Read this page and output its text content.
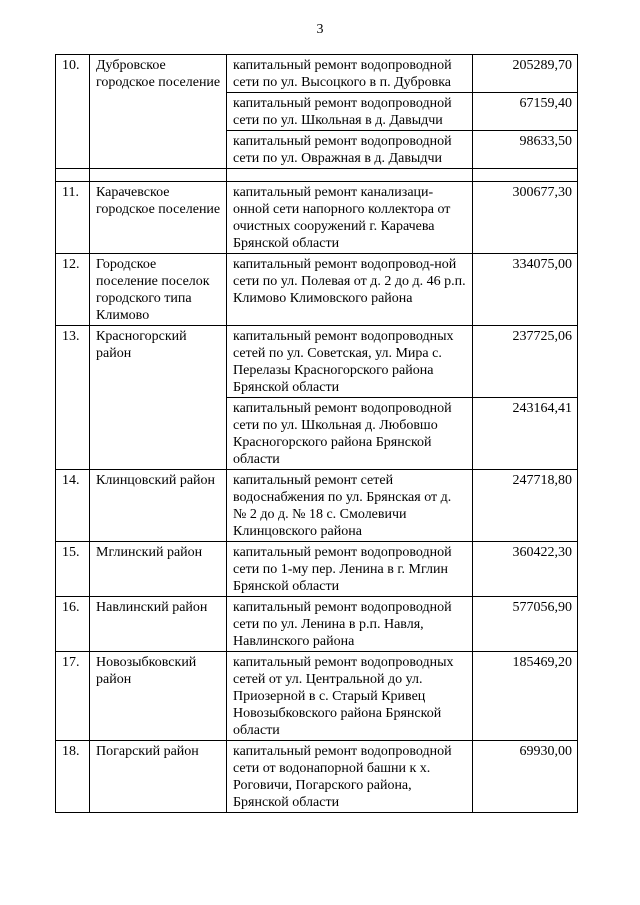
3
10.	Дубровское городское поселение	капитальный ремонт водопроводной сети по ул. Высоцкого в п. Дубровка	205289,70
		капитальный ремонт водопроводной сети по ул. Школьная в д. Давыдчи	67159,40
		капитальный ремонт водопроводной сети по ул. Овражная в д. Давыдчи	98633,50

11.	Карачевское городское поселение	капитальный ремонт канализаци-онной сети напорного коллектора от очистных сооружений г. Карачева Брянской области	300677,30
12.	Городское поселение поселок городского типа Климово	капитальный ремонт водопровод-ной сети по ул. Полевая от д. 2 до д. 46 р.п. Климово Климовского района	334075,00
13.	Красногорский район	капитальный ремонт водопроводных сетей по ул. Советская, ул. Мира с. Перелазы Красногорского района Брянской области	237725,06
		капитальный ремонт водопроводной сети по ул. Школьная д. Любовшо Красногорского района Брянской области	243164,41
14.	Клинцовский район	капитальный ремонт сетей водоснабжения по ул. Брянская от д. № 2 до д. № 18 с. Смолевичи Клинцовского района	247718,80
15.	Мглинский район	капитальный ремонт водопроводной сети по 1-му пер. Ленина в г. Мглин Брянской области	360422,30
16.	Навлинский район	капитальный ремонт водопроводной сети по ул. Ленина в р.п. Навля, Навлинского района	577056,90
17.	Новозыбковский район	капитальный ремонт водопроводных сетей от ул. Центральной до ул. Приозерной в с. Старый Кривец Новозыбковского района Брянской области	185469,20
18.	Погарский район	капитальный ремонт водопроводной сети от водонапорной башни к х. Роговичи, Погарского района, Брянской области	69930,00
